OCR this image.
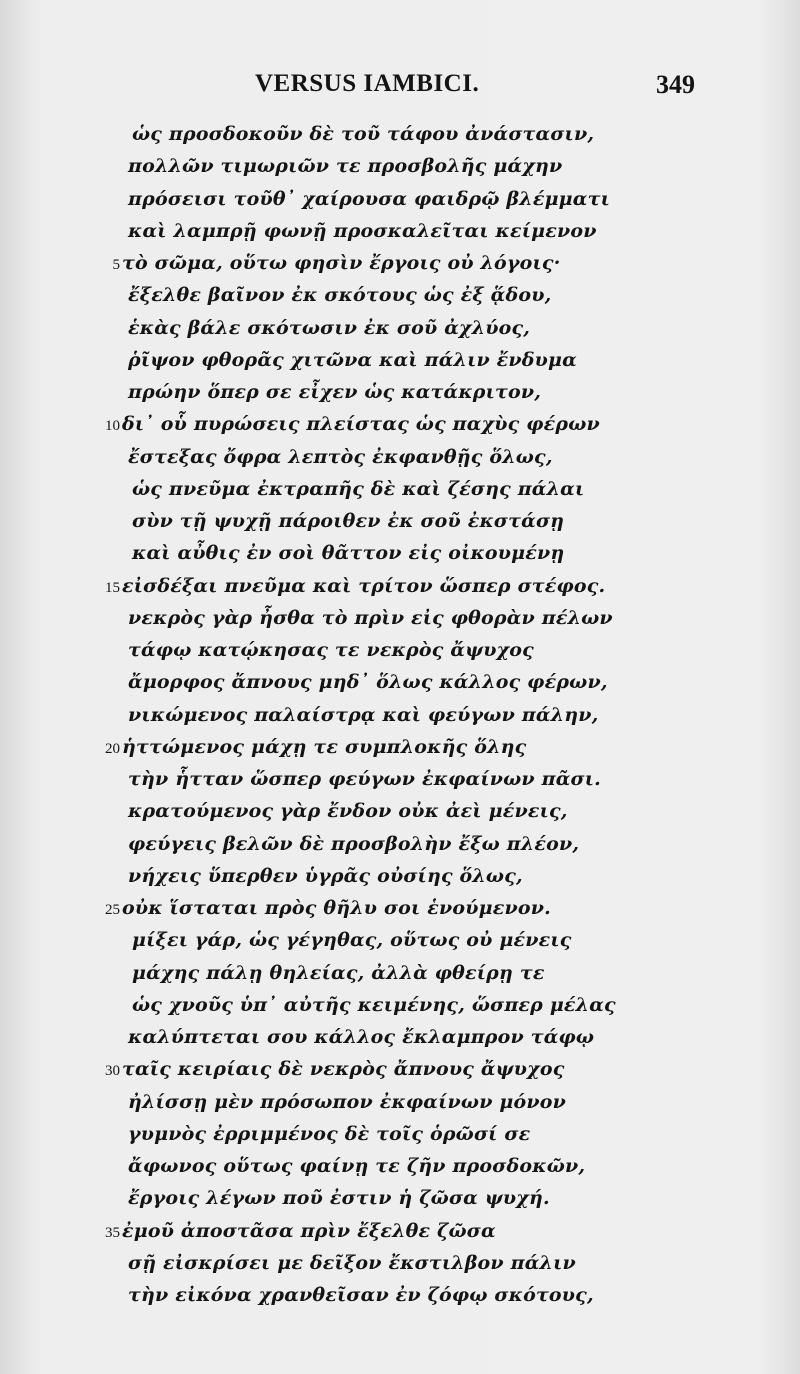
VERSUS IAMBICI.	349
ὡς προσδοκοῦν δὲ τοῦ τάφου ἀνάστασιν,
πολλῶν τιμωριῶν τε προσβολῆς μάχην
πρόσεισι τοῦθ᾿ χαίρουσα φαιδρῷ βλέμματι
καὶ λαμπρῇ φωνῇ προσκαλεῖται κείμενον
5 τὸ σῶμα, οὕτω φησὶν ἔργοις οὐ λόγοις·
ἔξελθε βαῖνον ἐκ σκότους ὡς ἐξ ᾅδου,
ἑκὰς βάλε σκότωσιν ἐκ σοῦ ἀχλύος,
ῥῖψον φθορᾶς χιτῶνα καὶ πάλιν ἔνδυμα
πρώην ὅπερ σε εἶχεν ὡς κατάκριτον,
10 δι᾿ οὗ πυρώσεις πλείστας ὡς παχὺς φέρων
ἔστεξας ὄφρα λεπτὸς ἐκφανθῇς ὅλως,
ὡς πνεῦμα ἐκτραπῆς δὲ καὶ ζέσης πάλαι
σὺν τῇ ψυχῇ πάροιθεν ἐκ σοῦ ἐκστάσῃ
καὶ αὖθις ἐν σοὶ θᾶττον εἰς οἰκουμένῃ
15 εἰσδέξαι πνεῦμα καὶ τρίτον ὥσπερ στέφος.
νεκρὸς γὰρ ἦσθα τὸ πρὶν εἰς φθορὰν πέλων
τάφῳ κατῴκησας τε νεκρὸς ἄψυχος
ἄμορφος ἄπνους μηδ᾿ ὅλως κάλλος φέρων,
νικώμενος παλαίστρᾳ καὶ φεύγων πάλην,
20 ἡττώμενος μάχῃ τε συμπλοκῆς ὅλης
τὴν ἧτταν ὥσπερ φεύγων ἐκφαίνων πᾶσι.
κρατούμενος γὰρ ἔνδον οὐκ ἀεὶ μένεις,
φεύγεις βελῶν δὲ προσβολὴν ἔξω πλέον,
νήχεις ὕπερθεν ὑγρᾶς οὐσίης ὅλως,
25 οὐκ ἵσταται πρὸς θῆλυ σοι ἑνούμενον.
μίξει γάρ, ὡς γέγηθας, οὕτως οὐ μένεις
μάχης πάλῃ θηλείας, ἀλλὰ φθείρῃ τε
ὡς χνοῦς ὑπ᾿ αὐτῆς κειμένης, ὥσπερ μέλας
καλύπτεται σου κάλλος ἔκλαμπρον τάφῳ
30 ταῖς κειρίαις δὲ νεκρὸς ἄπνους ἄψυχος
ἠλίσσῃ μὲν πρόσωπον ἐκφαίνων μόνον
γυμνὸς ἐρριμμένος δὲ τοῖς ὁρῶσί σε
ἄφωνος οὕτως φαίνῃ τε ζῆν προσδοκῶν,
ἔργοις λέγων ποῦ ἐστιν ἡ ζῶσα ψυχή.
35 ἐμοῦ ἀποστᾶσα πρὶν ἔξελθε ζῶσα
σῇ εἰσκρίσει με δεῖξον ἔκστιλβον πάλιν
τὴν εἰκόνα χρανθεῖσαν ἐν ζόφῳ σκότους,
